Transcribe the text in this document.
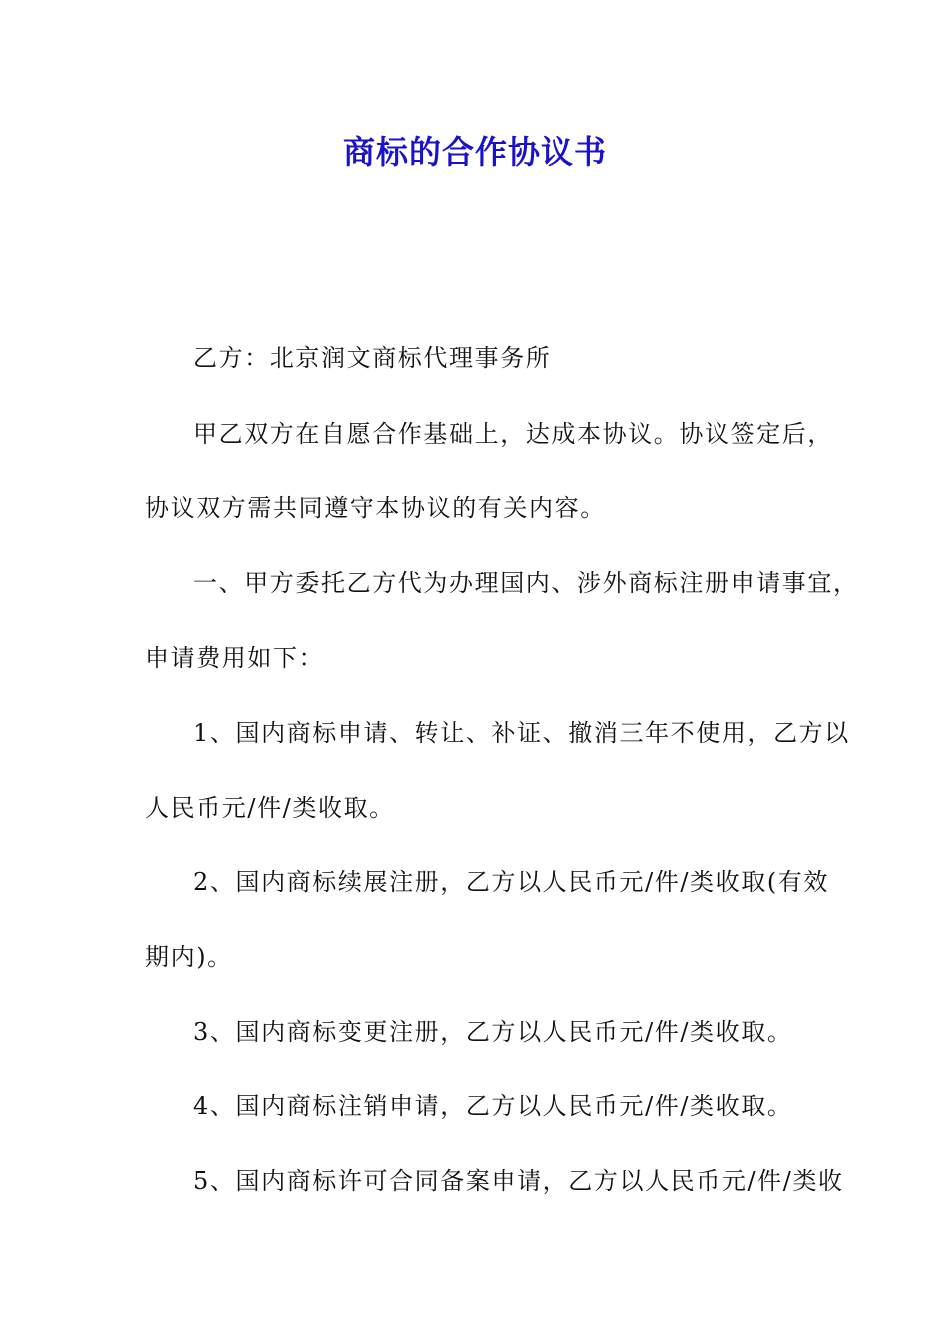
商标的合作协议书

乙方：北京润文商标代理事务所

甲乙双方在自愿合作基础上，达成本协议。协议签定后，

协议双方需共同遵守本协议的有关内容。

一、甲方委托乙方代为办理国内、涉外商标注册申请事宜，

申请费用如下：

1、国内商标申请、转让、补证、撤消三年不使用，乙方以

人民币元/件/类收取。

2、国内商标续展注册，乙方以人民币元/件/类收取(有效

期内)。

3、国内商标变更注册，乙方以人民币元/件/类收取。

4、国内商标注销申请，乙方以人民币元/件/类收取。

5、国内商标许可合同备案申请，乙方以人民币元/件/类收
